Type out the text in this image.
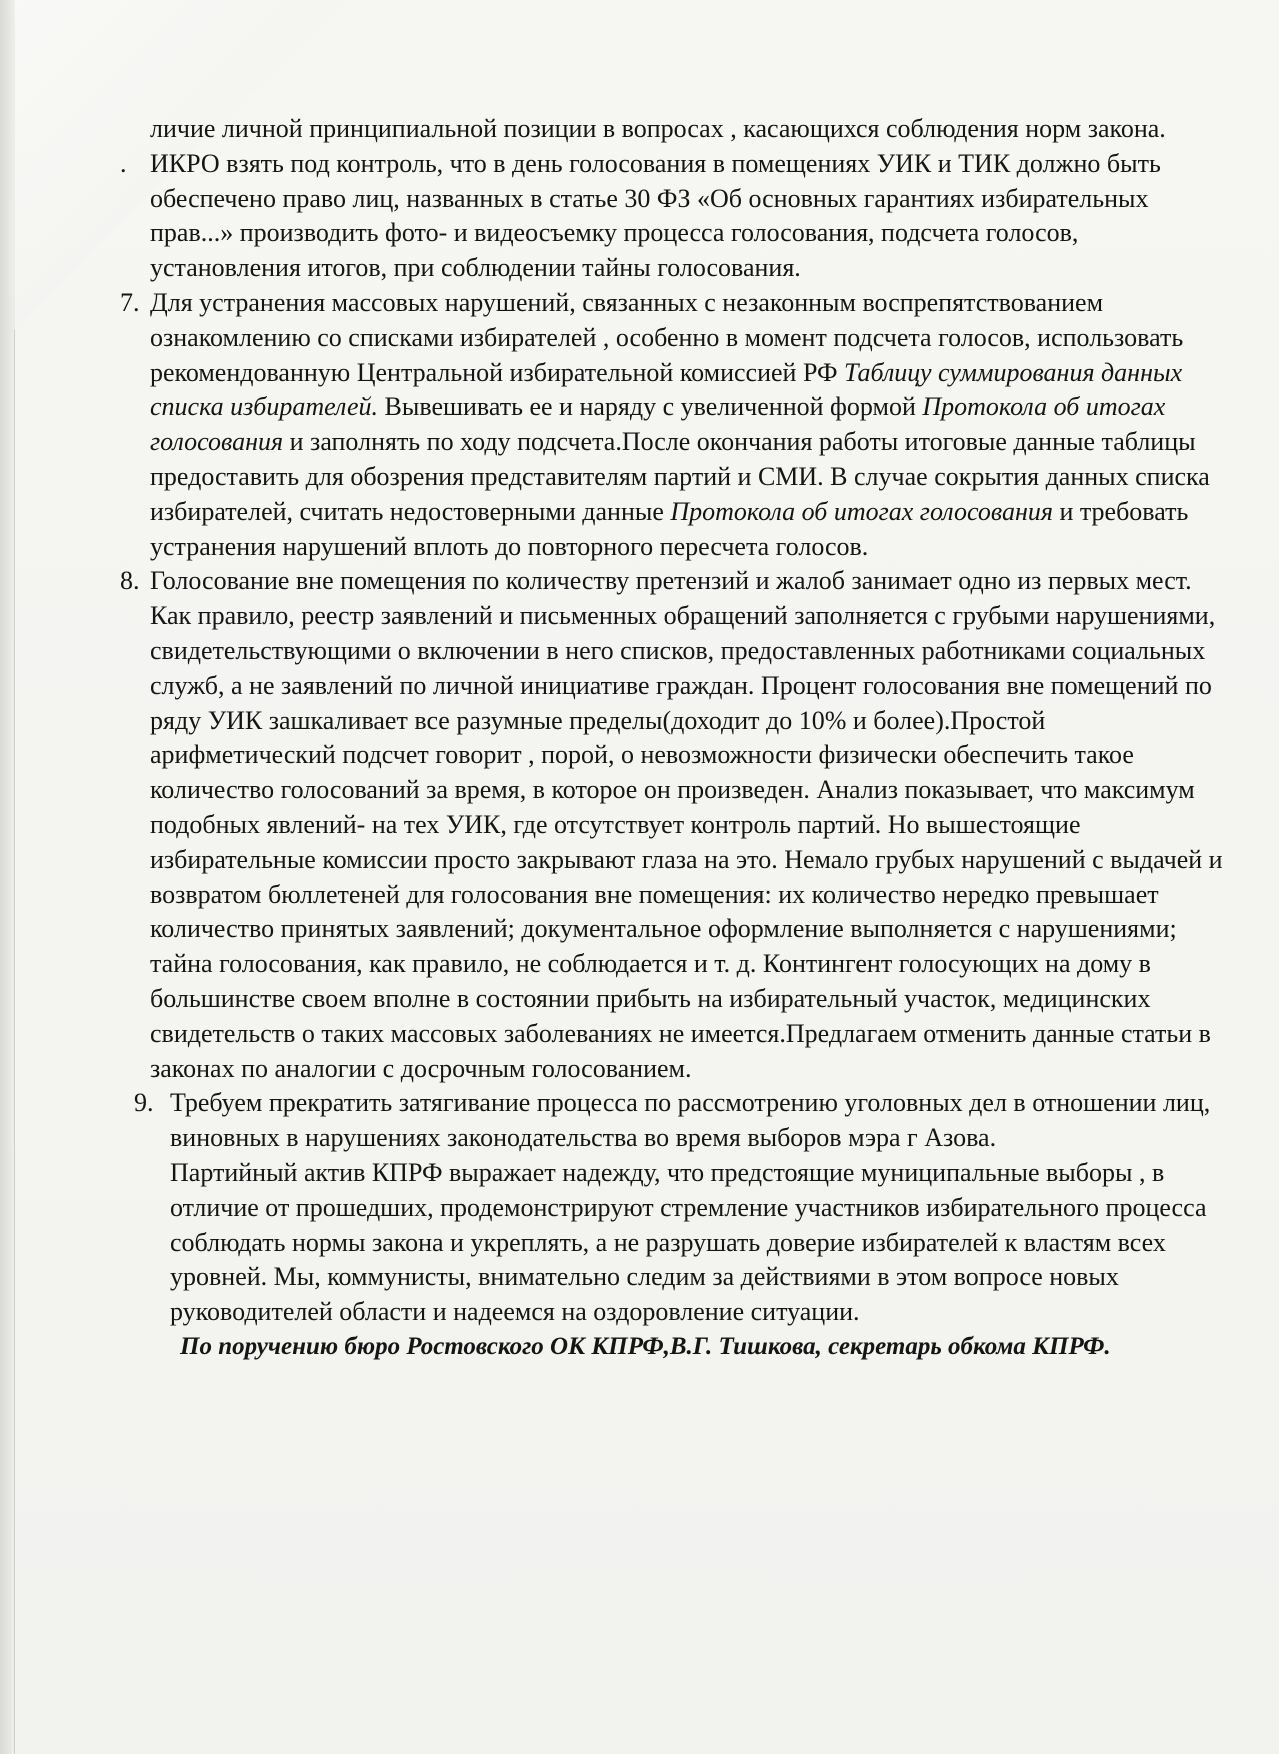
личие личной принципиальной позиции в вопросах , касающихся соблюдения норм закона.

. ИКРО взять под контроль, что в день голосования в помещениях УИК и ТИК должно быть обеспечено право лиц, названных в статье 30 ФЗ «Об основных гарантиях избирательных прав...» производить фото- и видеосъемку процесса голосования, подсчета голосов, установления итогов, при соблюдении тайны голосования.
7. Для устранения массовых нарушений, связанных с незаконным воспрепятствованием ознакомлению со списками избирателей , особенно в момент подсчета голосов, использовать рекомендованную Центральной избирательной комиссией РФ Таблицу суммирования данных списка избирателей. Вывешивать ее и наряду с увеличенной формой Протокола об итогах голосования и заполнять по ходу подсчета.После окончания работы итоговые данные таблицы предоставить для обозрения представителям партий и СМИ. В случае сокрытия данных списка избирателей, считать недостоверными данные Протокола об итогах голосования и требовать устранения нарушений вплоть до повторного пересчета голосов.
8. Голосование вне помещения по количеству претензий и жалоб занимает одно из первых мест. Как правило, реестр заявлений и письменных обращений заполняется с грубыми нарушениями, свидетельствующими о включении в него списков, предоставленных работниками социальных служб, а не заявлений по личной инициативе граждан. Процент голосования вне помещений по ряду УИК зашкаливает все разумные пределы(доходит до 10% и более).Простой арифметический подсчет говорит , порой, о невозможности физически обеспечить такое количество голосований за время, в которое он произведен. Анализ показывает, что максимум подобных явлений- на тех УИК, где отсутствует контроль партий. Но вышестоящие избирательные комиссии просто закрывают глаза на это. Немало грубых нарушений с выдачей и возвратом бюллетеней для голосования вне помещения: их количество нередко превышает количество принятых заявлений; документальное оформление выполняется с нарушениями; тайна голосования, как правило, не соблюдается и т. д. Контингент голосующих на дому в большинстве своем вполне в состоянии прибыть на избирательный участок, медицинских свидетельств о таких массовых заболеваниях не имеется.Предлагаем отменить данные статьи в законах по аналогии с досрочным голосованием.
9. Требуем прекратить затягивание процесса по рассмотрению уголовных дел в отношении лиц, виновных в нарушениях законодательства во время выборов мэра г Азова.
Партийный актив КПРФ выражает надежду, что предстоящие муниципальные выборы , в отличие от прошедших, продемонстрируют стремление участников избирательного процесса соблюдать нормы закона и укреплять, а не разрушать доверие избирателей к властям всех уровней. Мы, коммунисты, внимательно следим за действиями в этом вопросе новых руководителей области и надеемся на оздоровление ситуации.

По поручению бюро Ростовского ОК КПРФ,В.Г. Тишкова, секретарь обкома КПРФ.
